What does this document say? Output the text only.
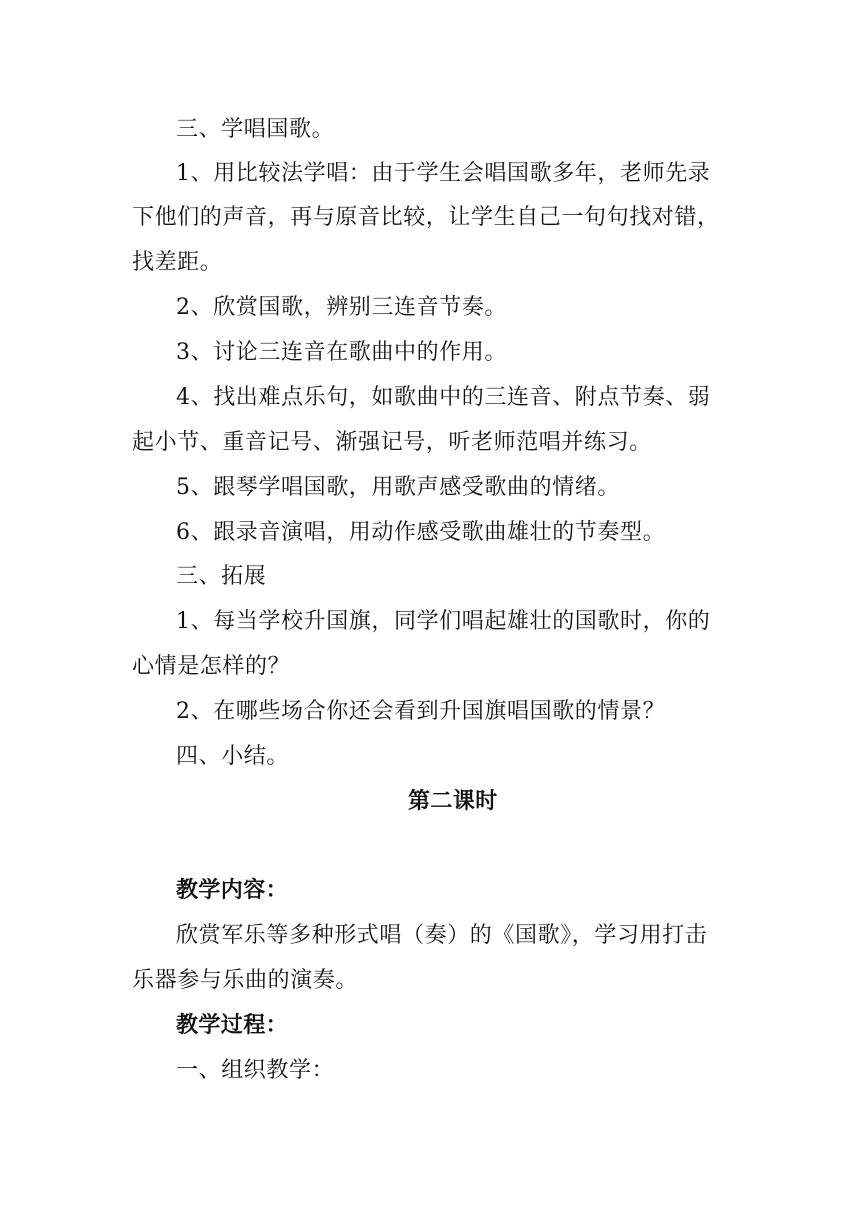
三、学唱国歌。
1、用比较法学唱：由于学生会唱国歌多年，老师先录
下他们的声音，再与原音比较，让学生自己一句句找对错，
找差距。
2、欣赏国歌，辨别三连音节奏。
3、讨论三连音在歌曲中的作用。
4、找出难点乐句，如歌曲中的三连音、附点节奏、弱
起小节、重音记号、渐强记号，听老师范唱并练习。
5、跟琴学唱国歌，用歌声感受歌曲的情绪。
6、跟录音演唱，用动作感受歌曲雄壮的节奏型。
三、拓展
1、每当学校升国旗，同学们唱起雄壮的国歌时，你的
心情是怎样的？
2、在哪些场合你还会看到升国旗唱国歌的情景？
四、小结。
第二课时
教学内容：
欣赏军乐等多种形式唱（奏）的《国歌》，学习用打击
乐器参与乐曲的演奏。
教学过程：
一、组织教学：
